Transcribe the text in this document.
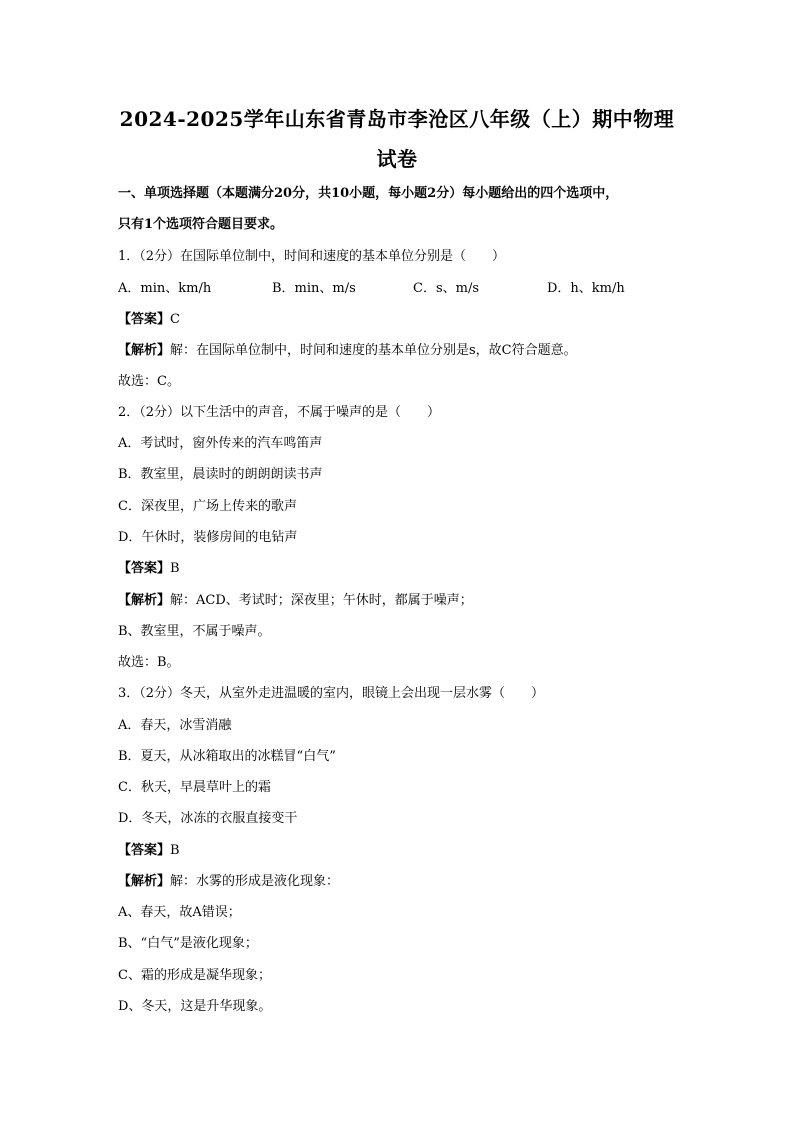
2024-2025学年山东省青岛市李沧区八年级（上）期中物理
试卷
一、单项选择题（本题满分20分，共10小题，每小题2分）每小题给出的四个选项中，
只有1个选项符合题目要求。
1．（2分）在国际单位制中，时间和速度的基本单位分别是（　　）
A．min、km/h	B．min、m/s	C．s、m/s	D．h、km/h
【答案】C
【解析】解：在国际单位制中，时间和速度的基本单位分别是s，故C符合题意。
故选：C。
2．（2分）以下生活中的声音，不属于噪声的是（　　）
A．考试时，窗外传来的汽车鸣笛声
B．教室里，晨读时的朗朗朗读书声
C．深夜里，广场上传来的歌声
D．午休时，装修房间的电钻声
【答案】B
【解析】解：ACD、考试时；深夜里；午休时，都属于噪声；
B、教室里，不属于噪声。
故选：B。
3．（2分）冬天，从室外走进温暖的室内，眼镜上会出现一层水雾（　　）
A．春天，冰雪消融
B．夏天，从冰箱取出的冰糕冒“白气”
C．秋天，早晨草叶上的霜
D．冬天，冰冻的衣服直接变干
【答案】B
【解析】解：水雾的形成是液化现象：
A、春天，故A错误；
B、“白气”是液化现象；
C、霜的形成是凝华现象；
D、冬天，这是升华现象。
